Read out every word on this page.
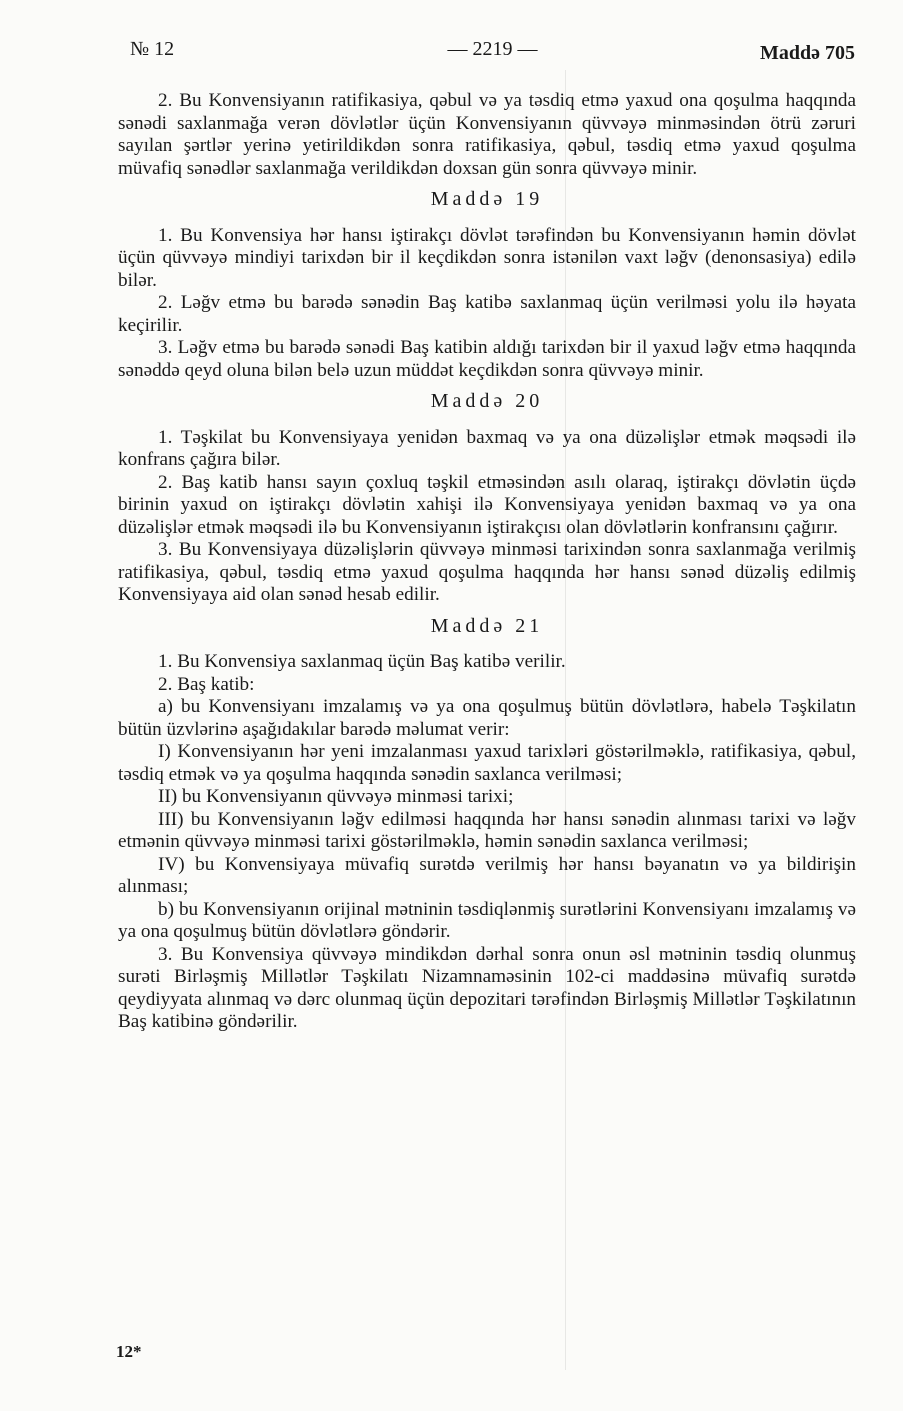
№ 12	— 2219 —	Maddə 705

2. Bu Konvensiyanın ratifikasiya, qəbul və ya təsdiq etmə yaxud ona qoşulma haqqında sənədi saxlanmağa verən dövlətlər üçün Konvensiyanın qüvvəyə minməsindən ötrü zəruri sayılan şərtlər yerinə yetirildikdən sonra ratifikasiya, qəbul, təsdiq etmə yaxud qoşulma müvafiq sənədlər saxlanmağa verildikdən doxsan gün sonra qüvvəyə minir.

Maddə 19

1. Bu Konvensiya hər hansı iştirakçı dövlət tərəfindən bu Konvensiyanın həmin dövlət üçün qüvvəyə mindiyi tarixdən bir il keçdikdən sonra istənilən vaxt ləğv (denonsasiya) edilə bilər.

2. Ləğv etmə bu barədə sənədin Baş katibə saxlanmaq üçün verilməsi yolu ilə həyata keçirilir.

3. Ləğv etmə bu barədə sənədi Baş katibin aldığı tarixdən bir il yaxud ləğv etmə haqqında sənəddə qeyd oluna bilən belə uzun müddət keçdikdən sonra qüvvəyə minir.

Maddə 20

1. Təşkilat bu Konvensiyaya yenidən baxmaq və ya ona düzəlişlər etmək məqsədi ilə konfrans çağıra bilər.

2. Baş katib hansı sayın çoxluq təşkil etməsindən asılı olaraq, iştirakçı dövlətin üçdə birinin yaxud on iştirakçı dövlətin xahişi ilə Konvensiyaya yenidən baxmaq və ya ona düzəlişlər etmək məqsədi ilə bu Konvensiyanın iştirakçısı olan dövlətlərin konfransını çağırır.

3. Bu Konvensiyaya düzəlişlərin qüvvəyə minməsi tarixindən sonra saxlanmağa verilmiş ratifikasiya, qəbul, təsdiq etmə yaxud qoşulma haqqında hər hansı sənəd düzəliş edilmiş Konvensiyaya aid olan sənəd hesab edilir.

Maddə 21

1. Bu Konvensiya saxlanmaq üçün Baş katibə verilir.

2. Baş katib:

a) bu Konvensiyanı imzalamış və ya ona qoşulmuş bütün dövlətlərə, habelə Təşkilatın bütün üzvlərinə aşağıdakılar barədə məlumat verir:

I) Konvensiyanın hər yeni imzalanması yaxud tarixləri göstərilməklə, ratifikasiya, qəbul, təsdiq etmək və ya qoşulma haqqında sənədin saxlanca verilməsi;

II) bu Konvensiyanın qüvvəyə minməsi tarixi;

III) bu Konvensiyanın ləğv edilməsi haqqında hər hansı sənədin alınması tarixi və ləğv etmənin qüvvəyə minməsi tarixi göstərilməklə, həmin sənədin saxlanca verilməsi;

IV) bu Konvensiyaya müvafiq surətdə verilmiş hər hansı bəyanatın və ya bildirişin alınması;

b) bu Konvensiyanın orijinal mətninin təsdiqlənmiş surətlərini Konvensiyanı imzalamış və ya ona qoşulmuş bütün dövlətlərə göndərir.

3. Bu Konvensiya qüvvəyə mindikdən dərhal sonra onun əsl mətninin təsdiq olunmuş surəti Birləşmiş Millətlər Təşkilatı Nizamnaməsinin 102-ci maddəsinə müvafiq surətdə qeydiyyata alınmaq və dərc olunmaq üçün depozitari tərəfindən Birləşmiş Millətlər Təşkilatının Baş katibinə göndərilir.

12*
